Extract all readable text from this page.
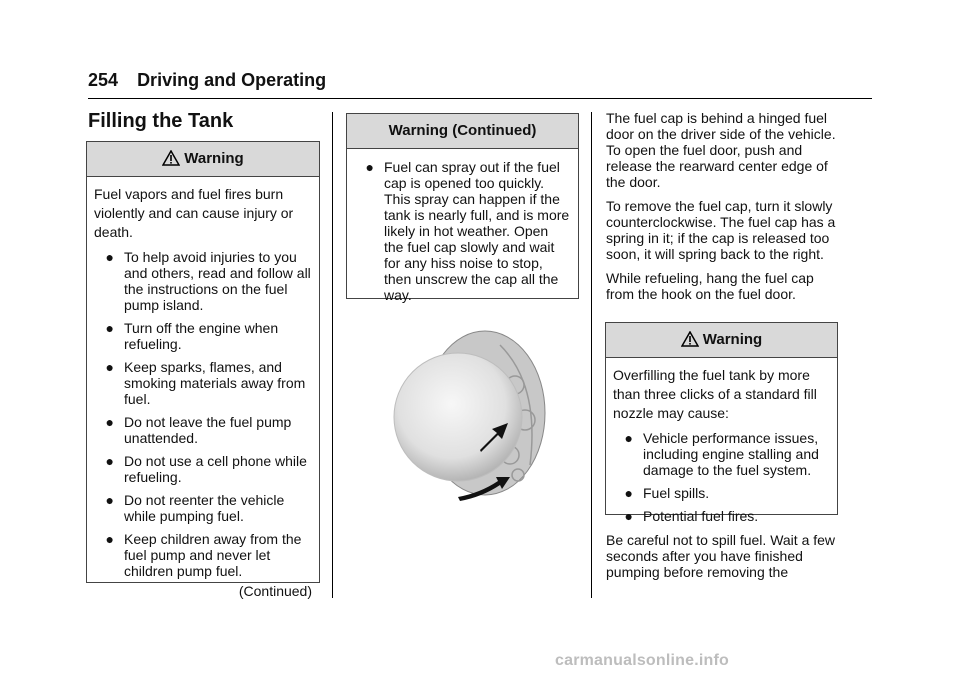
254 Driving and Operating
Filling the Tank
Warning
Fuel vapors and fuel fires burn violently and can cause injury or death.
● To help avoid injuries to you and others, read and follow all the instructions on the fuel pump island.
● Turn off the engine when refueling.
● Keep sparks, flames, and smoking materials away from fuel.
● Do not leave the fuel pump unattended.
● Do not use a cell phone while refueling.
● Do not reenter the vehicle while pumping fuel.
● Keep children away from the fuel pump and never let children pump fuel.
(Continued)
Warning (Continued)
● Fuel can spray out if the fuel cap is opened too quickly. This spray can happen if the tank is nearly full, and is more likely in hot weather. Open the fuel cap slowly and wait for any hiss noise to stop, then unscrew the cap all the way.

The fuel cap is behind a hinged fuel door on the driver side of the vehicle. To open the fuel door, push and release the rearward center edge of the door.

To remove the fuel cap, turn it slowly counterclockwise. The fuel cap has a spring in it; if the cap is released too soon, it will spring back to the right.

While refueling, hang the fuel cap from the hook on the fuel door.

Warning
Overfilling the fuel tank by more than three clicks of a standard fill nozzle may cause:
● Vehicle performance issues, including engine stalling and damage to the fuel system.
● Fuel spills.
● Potential fuel fires.

Be careful not to spill fuel. Wait a few seconds after you have finished pumping before removing the

carmanualsonline.info
